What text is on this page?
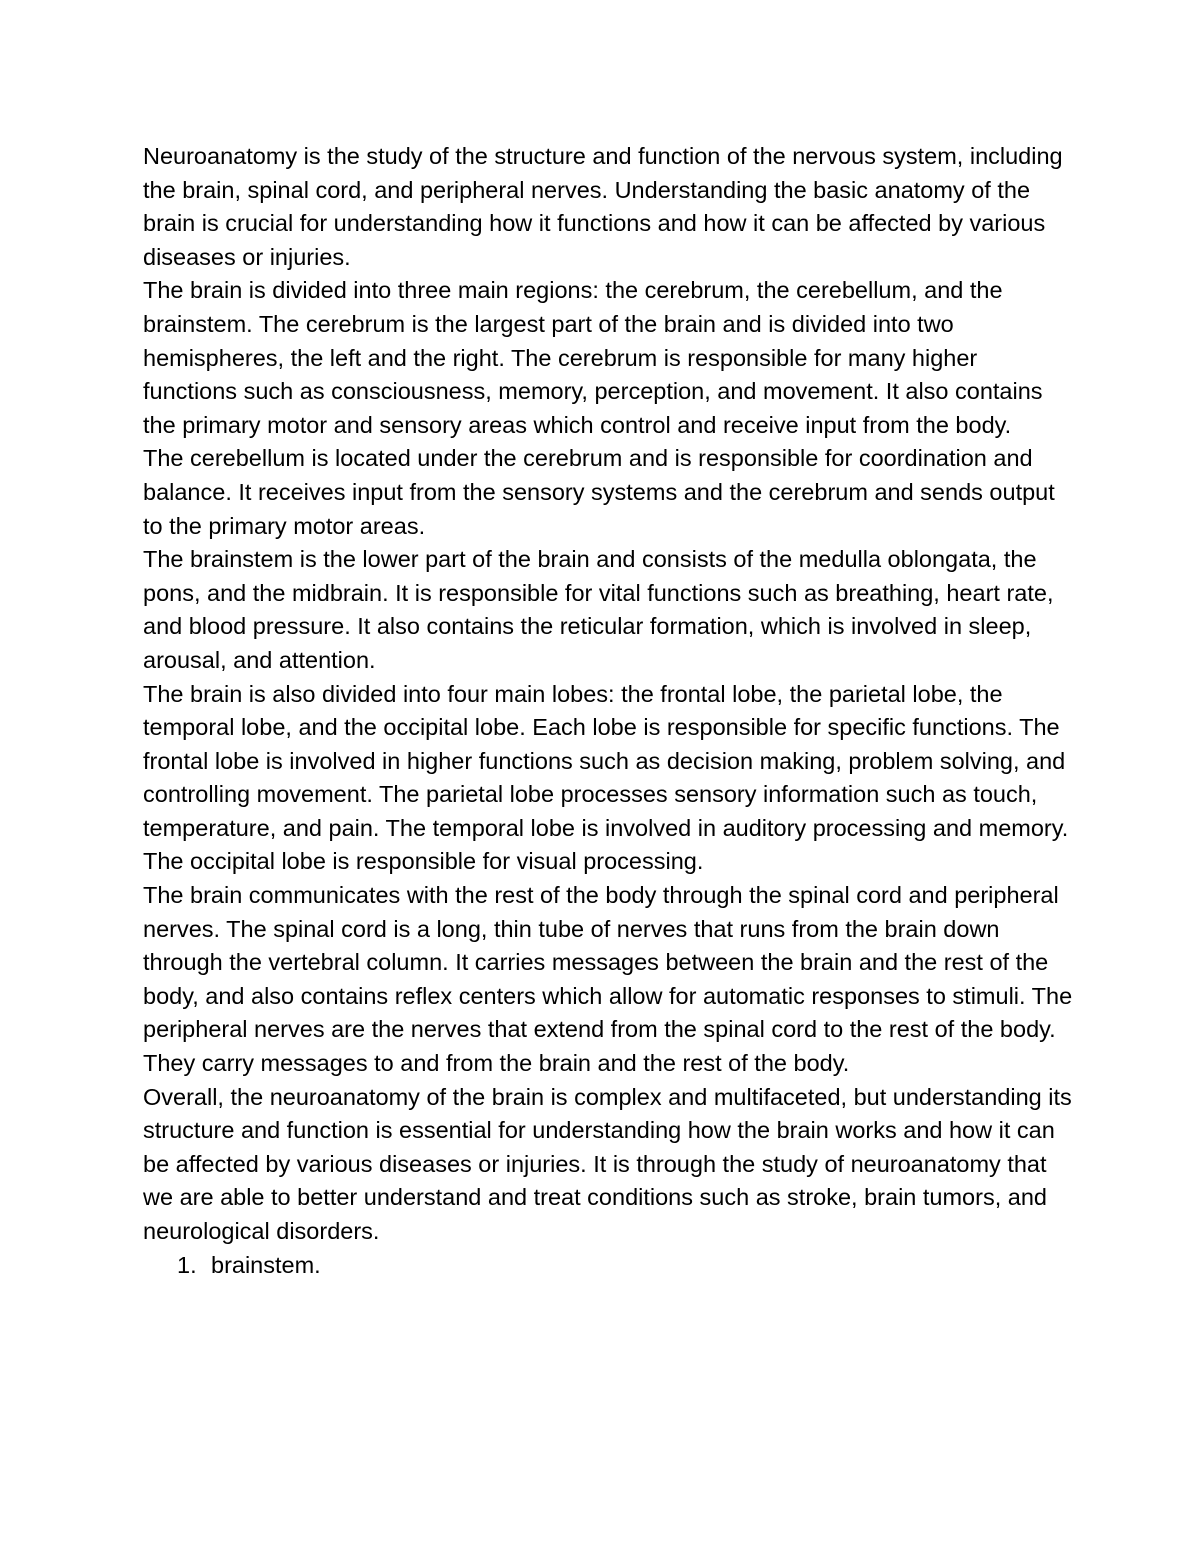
Neuroanatomy is the study of the structure and function of the nervous system, including the brain, spinal cord, and peripheral nerves. Understanding the basic anatomy of the brain is crucial for understanding how it functions and how it can be affected by various diseases or injuries.

The brain is divided into three main regions: the cerebrum, the cerebellum, and the brainstem. The cerebrum is the largest part of the brain and is divided into two hemispheres, the left and the right. The cerebrum is responsible for many higher functions such as consciousness, memory, perception, and movement. It also contains the primary motor and sensory areas which control and receive input from the body.

The cerebellum is located under the cerebrum and is responsible for coordination and balance. It receives input from the sensory systems and the cerebrum and sends output to the primary motor areas.

The brainstem is the lower part of the brain and consists of the medulla oblongata, the pons, and the midbrain. It is responsible for vital functions such as breathing, heart rate, and blood pressure. It also contains the reticular formation, which is involved in sleep, arousal, and attention.

The brain is also divided into four main lobes: the frontal lobe, the parietal lobe, the temporal lobe, and the occipital lobe. Each lobe is responsible for specific functions. The frontal lobe is involved in higher functions such as decision making, problem solving, and controlling movement. The parietal lobe processes sensory information such as touch, temperature, and pain. The temporal lobe is involved in auditory processing and memory. The occipital lobe is responsible for visual processing.

The brain communicates with the rest of the body through the spinal cord and peripheral nerves. The spinal cord is a long, thin tube of nerves that runs from the brain down through the vertebral column. It carries messages between the brain and the rest of the body, and also contains reflex centers which allow for automatic responses to stimuli. The peripheral nerves are the nerves that extend from the spinal cord to the rest of the body. They carry messages to and from the brain and the rest of the body.

Overall, the neuroanatomy of the brain is complex and multifaceted, but understanding its structure and function is essential for understanding how the brain works and how it can be affected by various diseases or injuries. It is through the study of neuroanatomy that we are able to better understand and treat conditions such as stroke, brain tumors, and neurological disorders.

1. brainstem.
